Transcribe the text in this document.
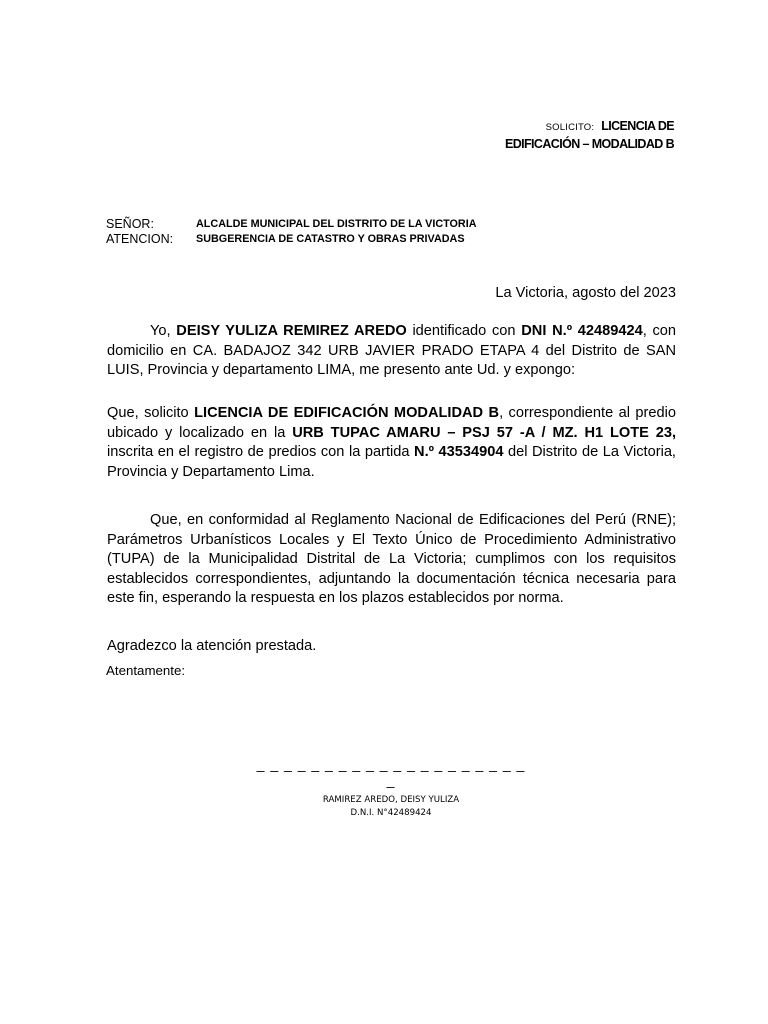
SOLICITO: LICENCIA DE
EDIFICACIÓN – MODALIDAD B
SEÑOR:	ALCALDE MUNICIPAL DEL DISTRITO DE LA VICTORIA
ATENCION:	SUBGERENCIA DE CATASTRO Y OBRAS PRIVADAS
La Victoria, agosto del 2023
Yo, DEISY YULIZA REMIREZ AREDO identificado con DNI N.º 42489424, con domicilio en CA. BADAJOZ 342 URB JAVIER PRADO ETAPA 4 del Distrito de SAN LUIS, Provincia y departamento LIMA, me presento ante Ud. y expongo:
Que, solicito LICENCIA DE EDIFICACIÓN MODALIDAD B, correspondiente al predio ubicado y localizado en la URB TUPAC AMARU – PSJ 57 -A / MZ. H1 LOTE 23, inscrita en el registro de predios con la partida N.º 43534904 del Distrito de La Victoria, Provincia y Departamento Lima.
Que, en conformidad al Reglamento Nacional de Edificaciones del Perú (RNE); Parámetros Urbanísticos Locales y El Texto Único de Procedimiento Administrativo (TUPA) de la Municipalidad Distrital de La Victoria; cumplimos con los requisitos establecidos correspondientes, adjuntando la documentación técnica necesaria para este fin, esperando la respuesta en los plazos establecidos por norma.
Agradezco la atención prestada.
Atentamente:
_ _ _ _ _ _ _ _ _ _ _ _ _ _ _ _ _ _ _ _ _
RAMIREZ AREDO, DEISY YULIZA
D.N.I. N°42489424
